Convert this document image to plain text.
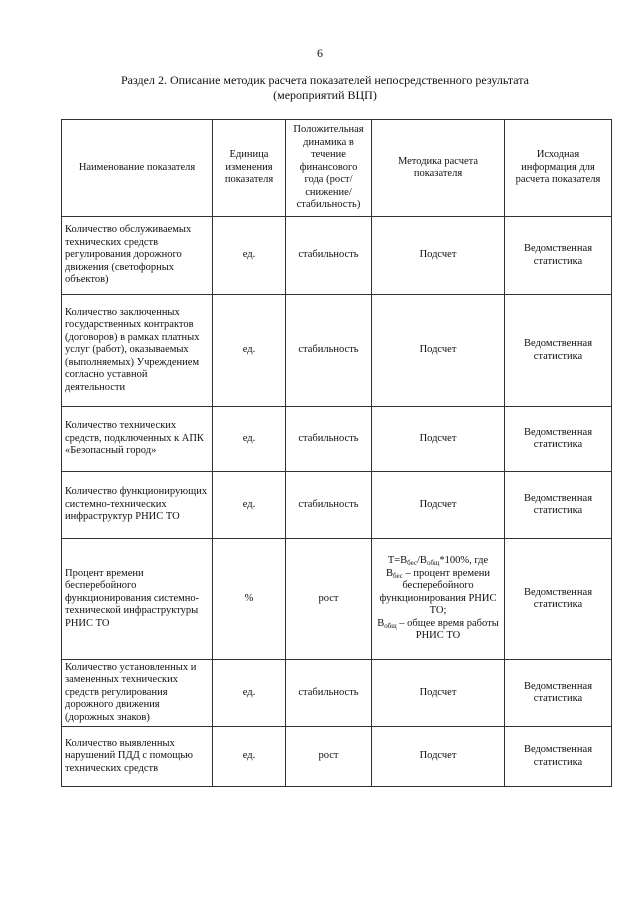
6
Раздел 2. Описание методик расчета показателей непосредственного результата
(мероприятий ВЦП)
Наименование показателя	Единица изменения показателя	Положительная динамика в течение финансового года (рост/ снижение/ стабильность)	Методика расчета показателя	Исходная информация для расчета показателя
Количество обслуживаемых технических средств регулирования дорожного движения (светофорных объектов)	ед.	стабильность	Подсчет	Ведомственная статистика
Количество заключенных государственных контрактов (договоров) в рамках платных услуг (работ), оказываемых (выполняемых) Учреждением согласно уставной деятельности	ед.	стабильность	Подсчет	Ведомственная статистика
Количество технических средств, подключенных к АПК «Безопасный город»	ед.	стабильность	Подсчет	Ведомственная статистика
Количество функционирующих системно-технических инфраструктур РНИС ТО	ед.	стабильность	Подсчет	Ведомственная статистика
Процент времени бесперебойного функционирования системно-технической инфраструктуры РНИС ТО	%	рост	$Т=В_{бес}/В_{общ}*100\%$, где
$В_{бес}$ – процент времени бесперебойного функционирования РНИС ТО;
$В_{общ}$ – общее время работы РНИС ТО	Ведомственная статистика
Количество установленных и замененных технических средств регулирования дорожного движения (дорожных знаков)	ед.	стабильность	Подсчет	Ведомственная статистика
Количество выявленных нарушений ПДД с помощью технических средств	ед.	рост	Подсчет	Ведомственная статистика
